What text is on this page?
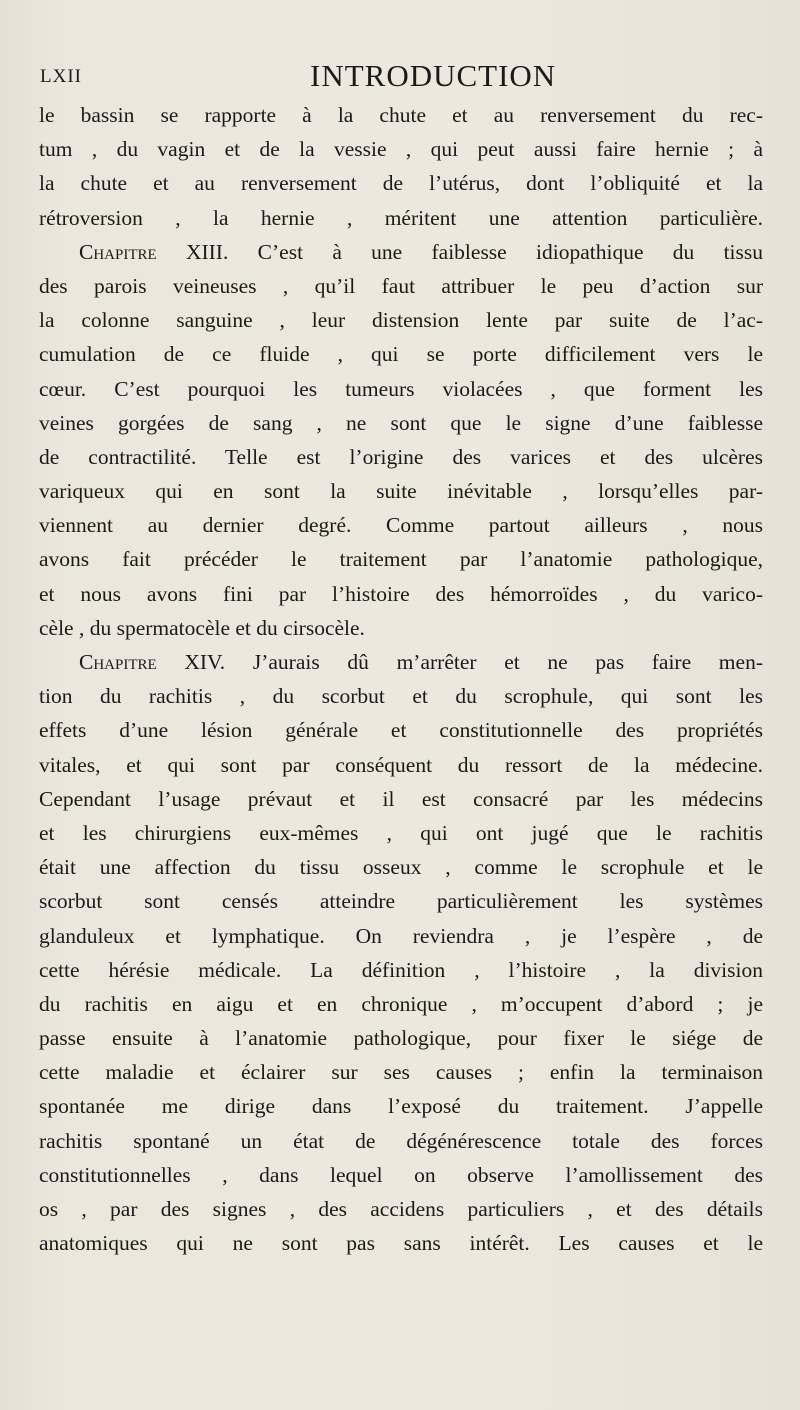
LXII	INTRODUCTION
le bassin se rapporte à la chute et au renversement du rec-
tum , du vagin et de la vessie , qui peut aussi faire hernie ; à
la chute et au renversement de l’utérus, dont l’obliquité et la
rétroversion , la hernie , méritent une attention particulière.
Chapitre XIII. C’est à une faiblesse idiopathique du tissu
des parois veineuses , qu’il faut attribuer le peu d’action sur
la colonne sanguine , leur distension lente par suite de l’ac-
cumulation de ce fluide , qui se porte difficilement vers le
cœur. C’est pourquoi les tumeurs violacées , que forment les
veines gorgées de sang , ne sont que le signe d’une faiblesse
de contractilité. Telle est l’origine des varices et des ulcères
variqueux qui en sont la suite inévitable , lorsqu’elles par-
viennent au dernier degré. Comme partout ailleurs , nous
avons fait précéder le traitement par l’anatomie pathologique,
et nous avons fini par l’histoire des hémorroïdes , du varico-
cèle , du spermatocèle et du cirsocèle.
Chapitre XIV. J’aurais dû m’arrêter et ne pas faire men-
tion du rachitis , du scorbut et du scrophule, qui sont les
effets d’une lésion générale et constitutionnelle des propriétés
vitales, et qui sont par conséquent du ressort de la médecine.
Cependant l’usage prévaut et il est consacré par les médecins
et les chirurgiens eux-mêmes , qui ont jugé que le rachitis
était une affection du tissu osseux , comme le scrophule et le
scorbut sont censés atteindre particulièrement les systèmes
glanduleux et lymphatique. On reviendra , je l’espère , de
cette hérésie médicale. La définition , l’histoire , la division
du rachitis en aigu et en chronique , m’occupent d’abord ; je
passe ensuite à l’anatomie pathologique, pour fixer le siége de
cette maladie et éclairer sur ses causes ; enfin la terminaison
spontanée me dirige dans l’exposé du traitement. J’appelle
rachitis spontané un état de dégénérescence totale des forces
constitutionnelles , dans lequel on observe l’amollissement des
os , par des signes , des accidens particuliers , et des détails
anatomiques qui ne sont pas sans intérêt. Les causes et le
